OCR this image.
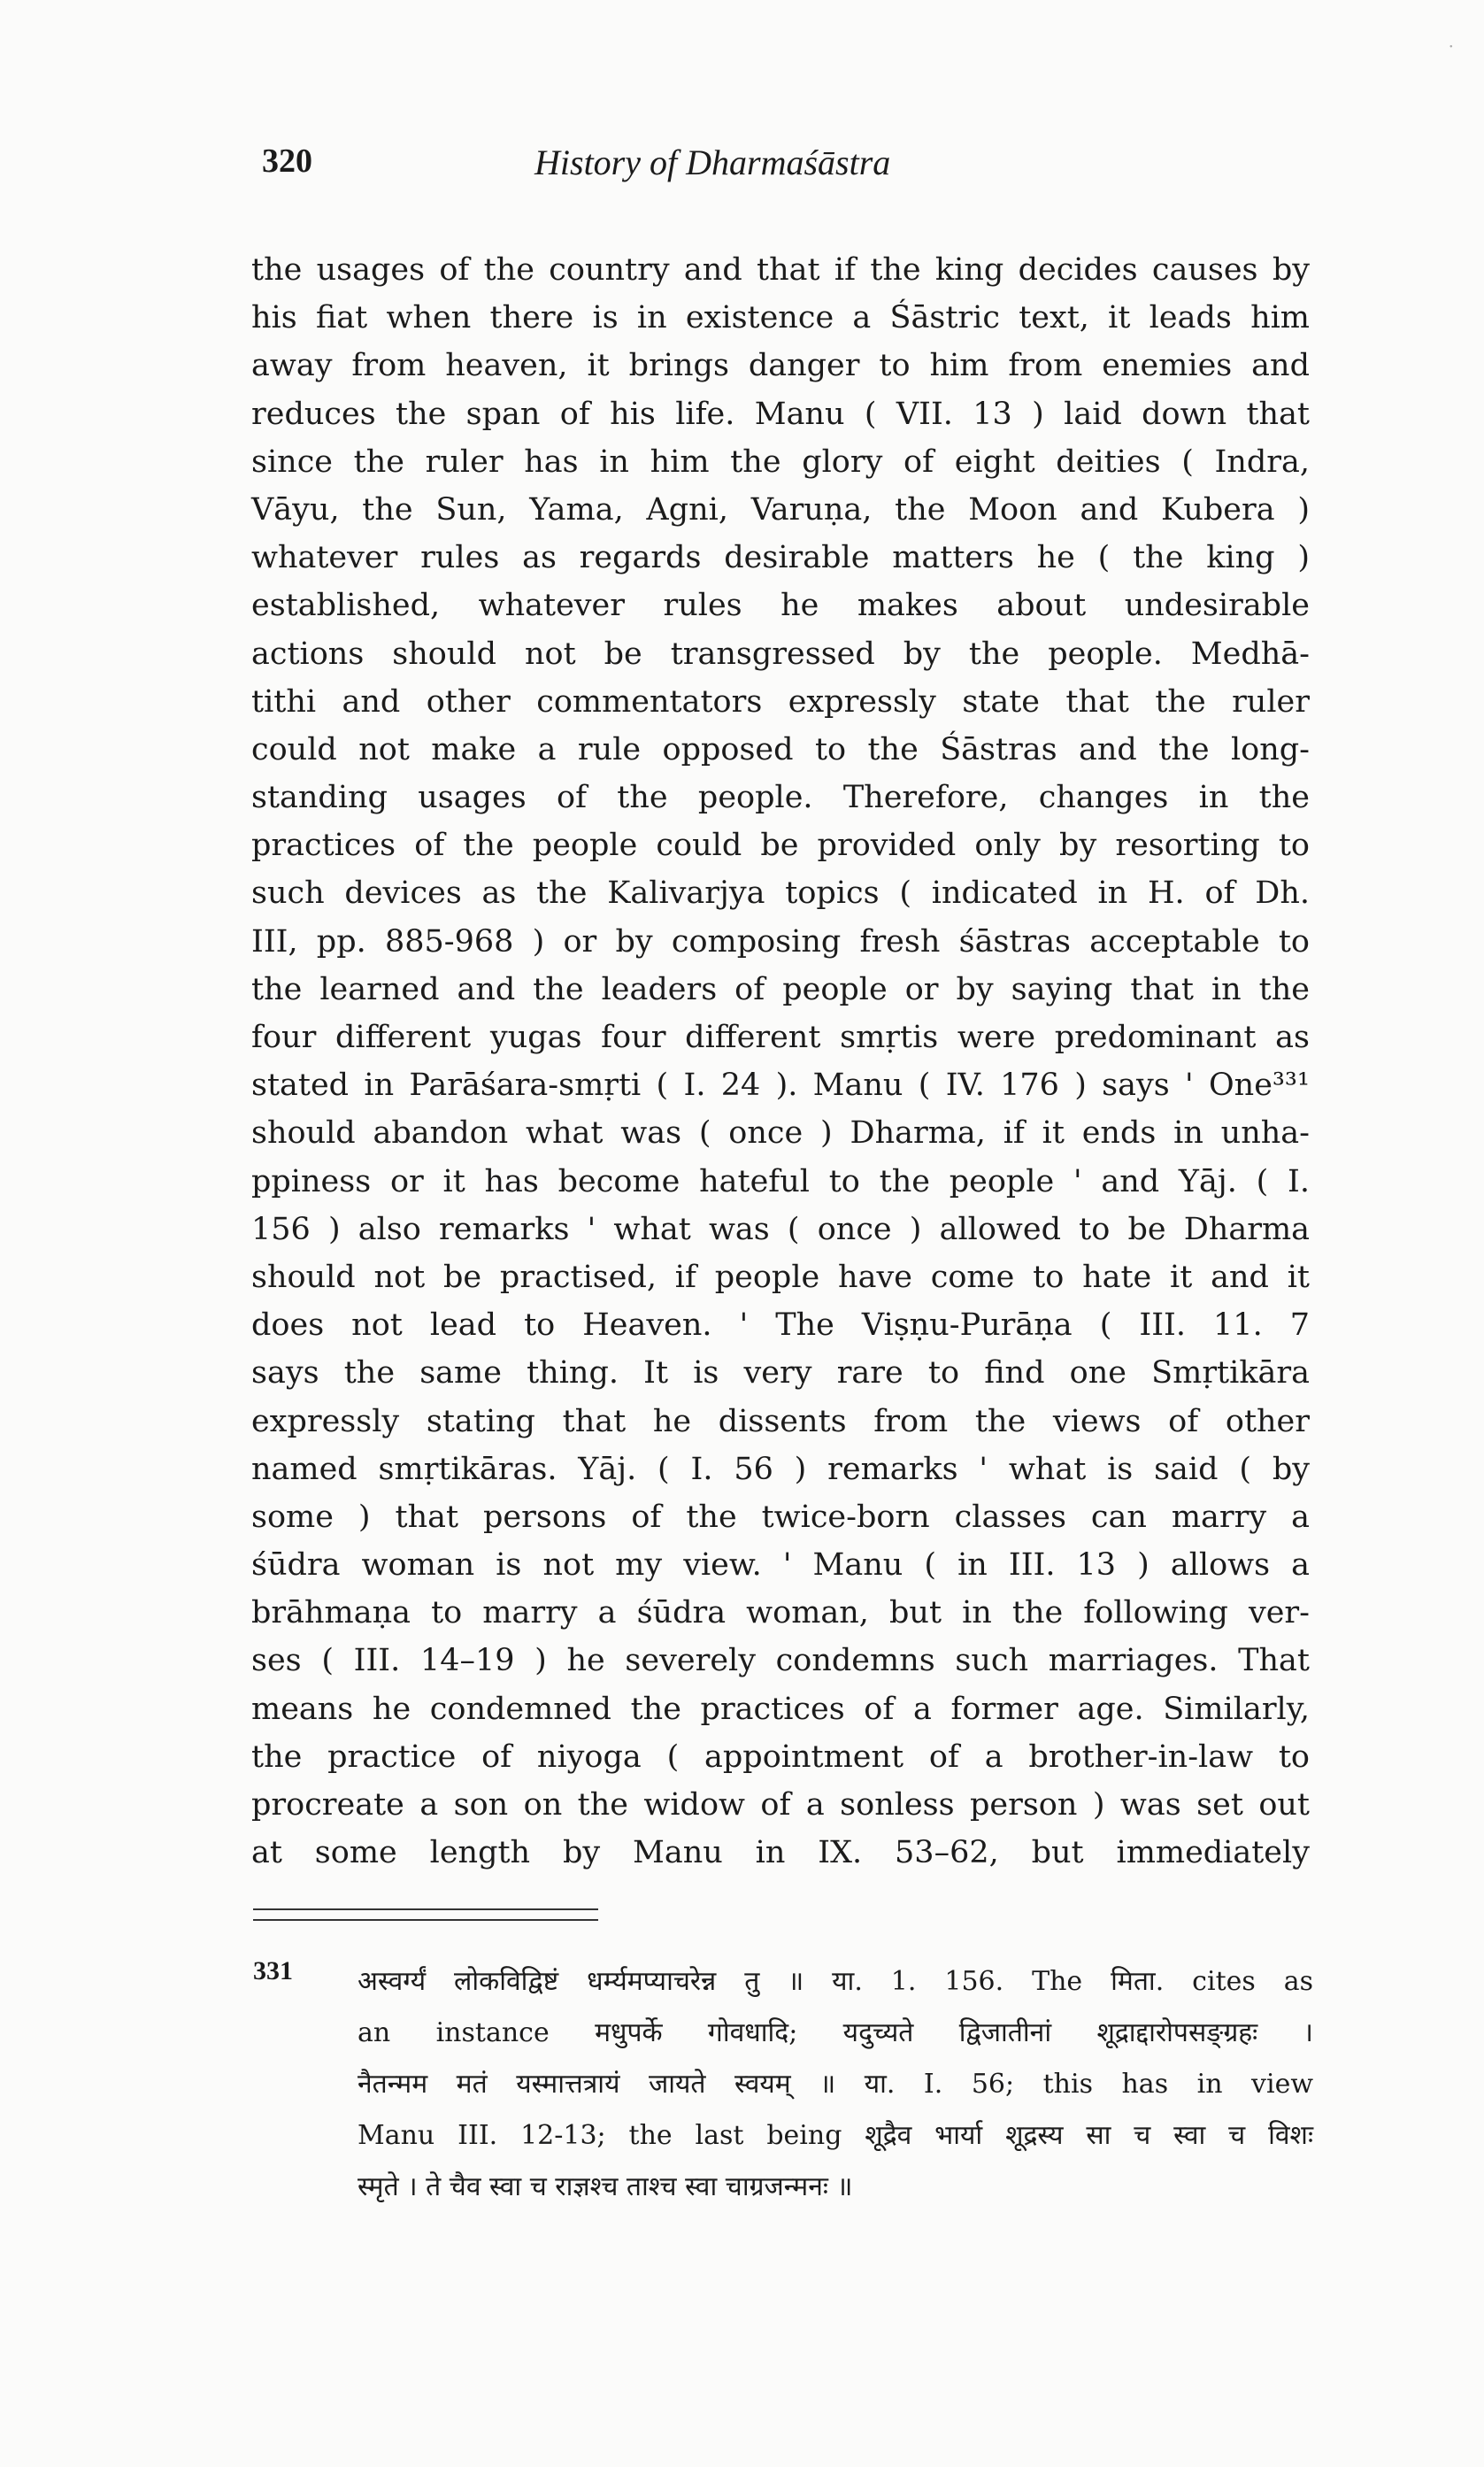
·
320	History of Dharmaśāstra
the usages of the country and that if the king decides causes by
his fiat when there is in existence a Śāstric text, it leads him
away from heaven, it brings danger to him from enemies and
reduces the span of his life. Manu ( VII. 13 ) laid down that
since the ruler has in him the glory of eight deities ( Indra,
Vāyu, the Sun, Yama, Agni, Varuṇa, the Moon and Kubera )
whatever rules as regards desirable matters he ( the king )
established, whatever rules he makes about undesirable
actions should not be transgressed by the people. Medhā-
tithi and other commentators expressly state that the ruler
could not make a rule opposed to the Śāstras and the long-
standing usages of the people. Therefore, changes in the
practices of the people could be provided only by resorting to
such devices as the Kalivarjya topics ( indicated in H. of Dh.
III, pp. 885-968 ) or by composing fresh śāstras acceptable to
the learned and the leaders of people or by saying that in the
four different yugas four different smṛtis were predominant as
stated in Parāśara-smṛti ( I. 24 ). Manu ( IV. 176 ) says ' One³³¹
should abandon what was ( once ) Dharma, if it ends in unha-
ppiness or it has become hateful to the people ' and Yāj. ( I.
156 ) also remarks ' what was ( once ) allowed to be Dharma
should not be practised, if people have come to hate it and it
does not lead to Heaven. ' The Viṣṇu-Purāṇa ( III. 11. 7
says the same thing. It is very rare to find one Smṛtikāra
expressly stating that he dissents from the views of other
named smṛtikāras. Yāj. ( I. 56 ) remarks ' what is said ( by
some ) that persons of the twice-born classes can marry a
śūdra woman is not my view. ' Manu ( in III. 13 ) allows a
brāhmaṇa to marry a śūdra woman, but in the following ver-
ses ( III. 14–19 ) he severely condemns such marriages. That
means he condemned the practices of a former age. Similarly,
the practice of niyoga ( appointment of a brother-in-law to
procreate a son on the widow of a sonless person ) was set out
at some length by Manu in IX. 53–62, but immediately
331 अस्वर्ग्यं लोकविद्विष्टं धर्म्यमप्याचरेन्न तु ॥ या. 1. 156. The मिता. cites as
an instance मधुपर्के गोवधादि; यदुच्यते द्विजातीनां शूद्राद्दारोपसङ्ग्रहः ।
नैतन्मम मतं यस्मात्तत्रायं जायते स्वयम् ॥ या. I. 56; this has in view
Manu III. 12-13; the last being शूद्रैव भार्या शूद्रस्य सा च स्वा च विशः
स्मृते । ते चैव स्वा च राज्ञश्च ताश्च स्वा चाग्रजन्मनः ॥
